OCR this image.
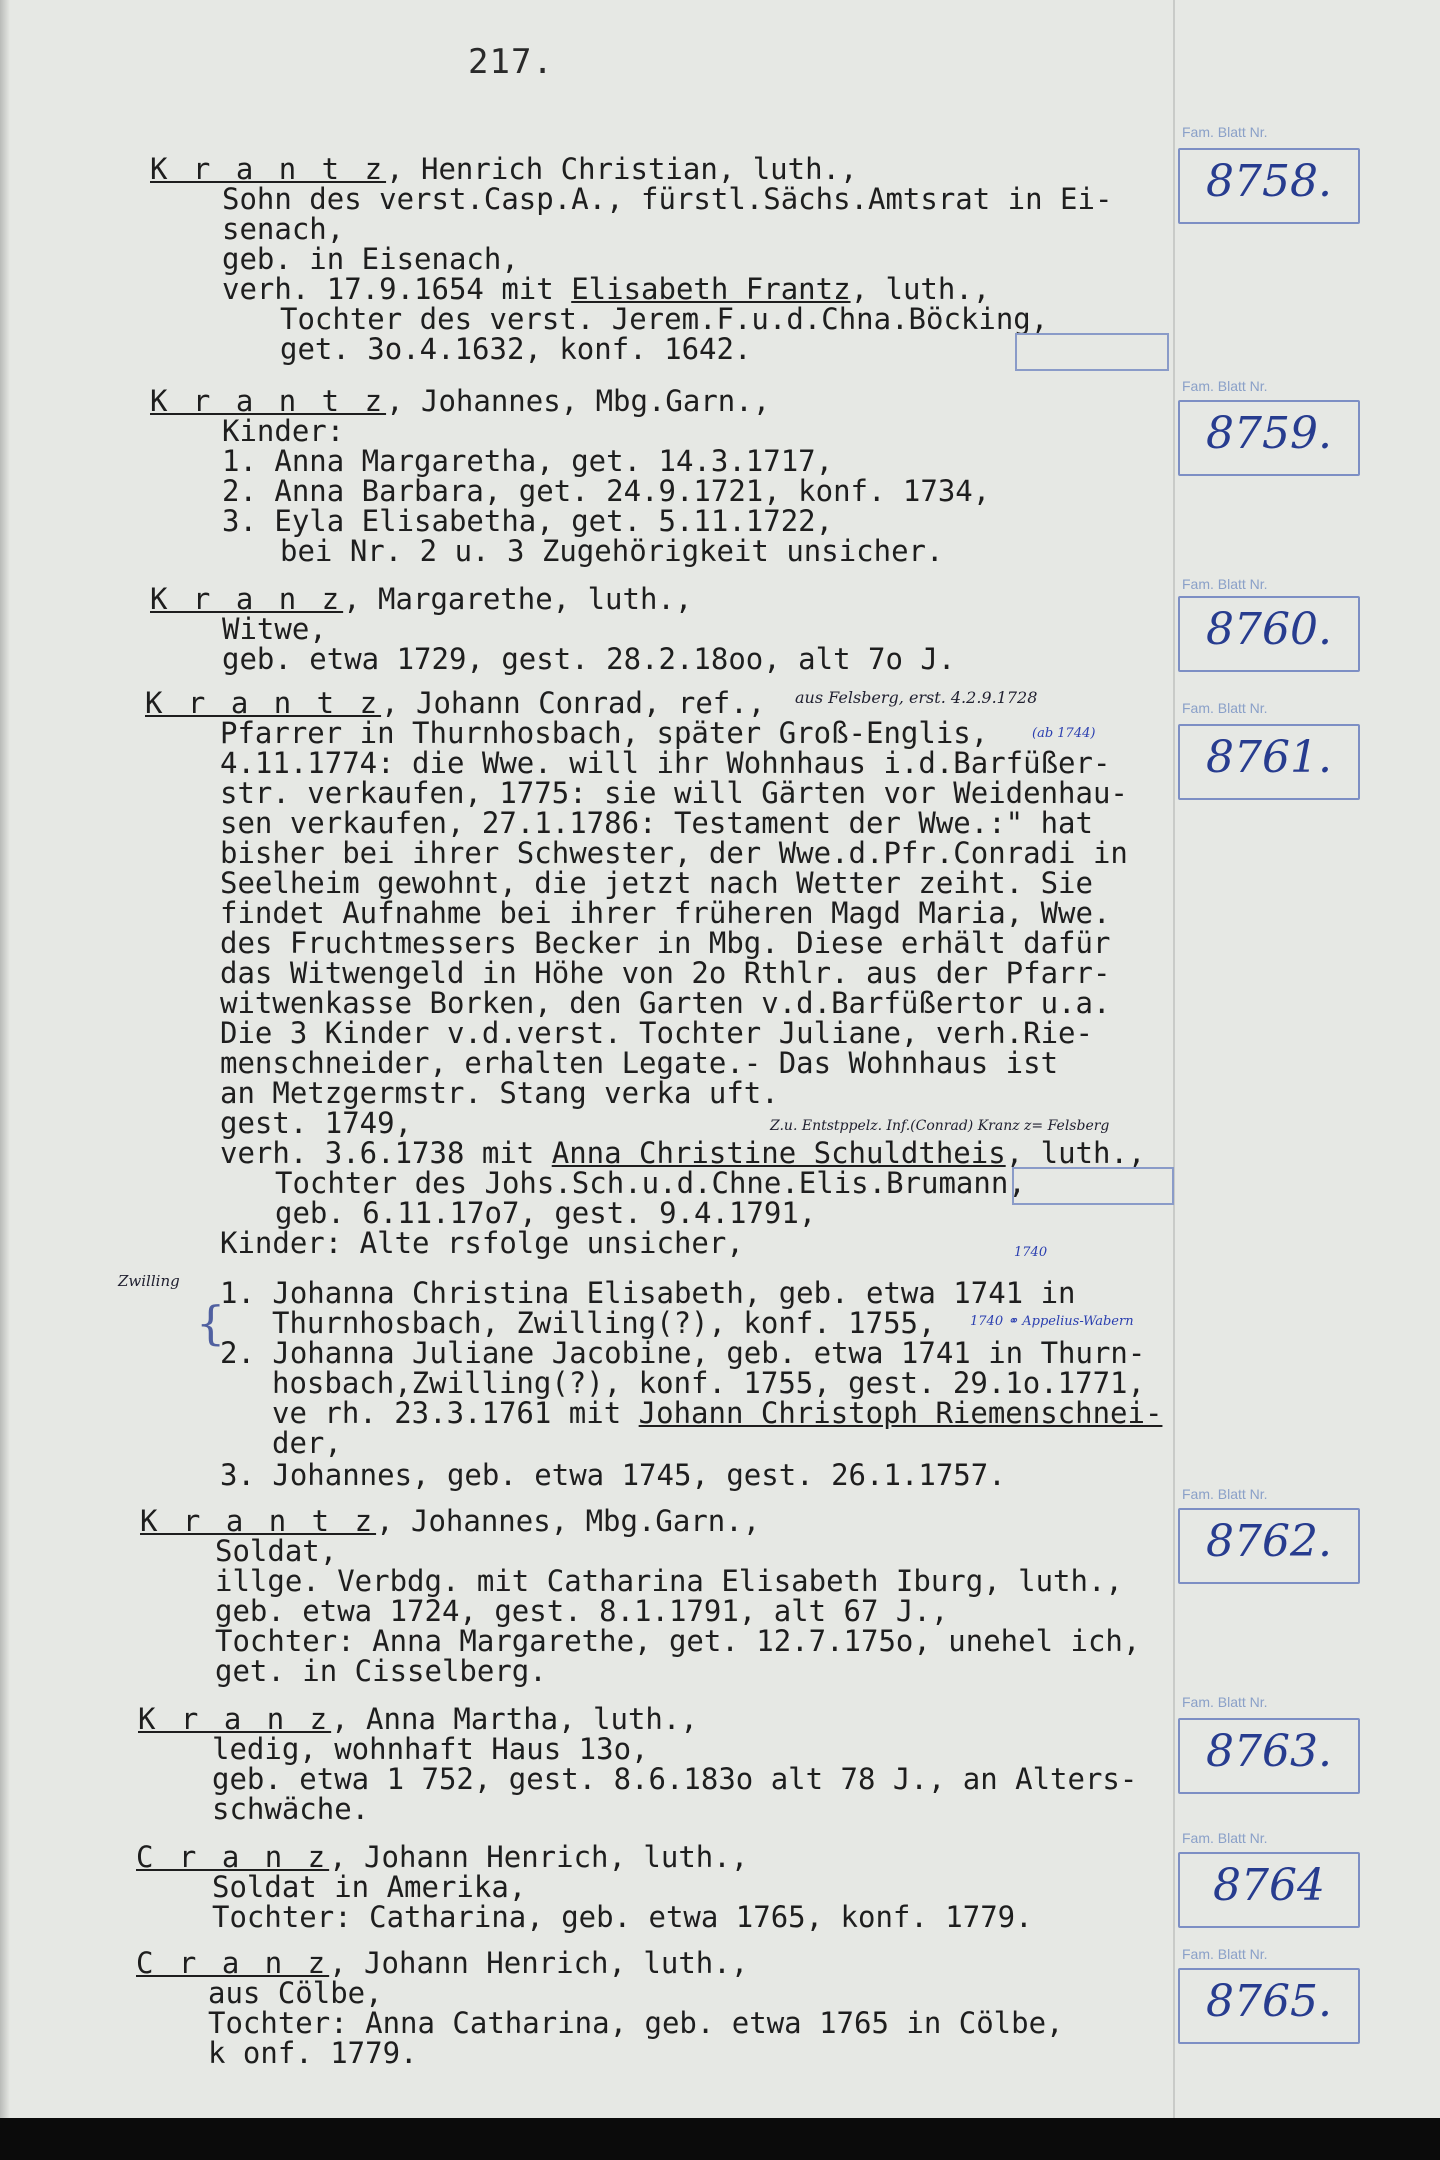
217.
K r a n t z, Henrich Christian, luth.,
Sohn des verst.Casp.A., fürstl.Sächs.Amtsrat in Ei-
senach,
geb. in Eisenach,
verh. 17.9.1654 mit Elisabeth Frantz, luth.,
Tochter des verst. Jerem.F.u.d.Chna.Böcking,
get. 3o.4.1632, konf. 1642.
Fam. Blatt Nr.
8758.
K r a n t z, Johannes, Mbg.Garn.,
Kinder:
1. Anna Margaretha, get. 14.3.1717,
2. Anna Barbara, get. 24.9.1721, konf. 1734,
3. Eyla Elisabetha, get. 5.11.1722,
bei Nr. 2 u. 3 Zugehörigkeit unsicher.
Fam. Blatt Nr.
8759.
K r a n z, Margarethe, luth.,
Witwe,
geb. etwa 1729, gest. 28.2.18oo, alt 7o J.
Fam. Blatt Nr.
8760.
K r a n t z, Johann Conrad, ref., aus Felsberg, erst. 4.2.9.1728
Pfarrer in Thurnhosbach, später Groß-Englis,	(ab 1744)
4.11.1774: die Wwe. will ihr Wohnhaus i.d.Barfüßer-
str. verkaufen, 1775: sie will Gärten vor Weidenhau-
sen verkaufen, 27.1.1786: Testament der Wwe.:" hat
bisher bei ihrer Schwester, der Wwe.d.Pfr.Conradi in
Seelheim gewohnt, die jetzt nach Wetter zeiht. Sie
findet Aufnahme bei ihrer früheren Magd Maria, Wwe.
des Fruchtmessers Becker in Mbg. Diese erhält dafür
das Witwengeld in Höhe von 2o Rthlr. aus der Pfarr-
witwenkasse Borken, den Garten v.d.Barfüßertor u.a.
Die 3 Kinder v.d.verst. Tochter Juliane, verh.Rie-
menschneider, erhalten Legate.- Das Wohnhaus ist
an Metzgermstr. Stang verka uft.
gest. 1749,	Z.u. Entstppelz. Inf.(Conrad) Kranz z= Felsberg
verh. 3.6.1738 mit Anna Christine Schuldtheis, luth.,
Tochter des Johs.Sch.u.d.Chne.Elis.Brumann,
geb. 6.11.17o7, gest. 9.4.1791,
Kinder: Alte rsfolge unsicher,	1740
Zwilling
{
1. Johanna Christina Elisabeth, geb. etwa 1741 in
Thurnhosbach, Zwilling(?), konf. 1755,	1740 ⚭ Appelius-Wabern
2. Johanna Juliane Jacobine, geb. etwa 1741 in Thurn-
hosbach,Zwilling(?), konf. 1755, gest. 29.1o.1771,
ve rh. 23.3.1761 mit Johann Christoph Riemenschnei-
der,
3. Johannes, geb. etwa 1745, gest. 26.1.1757.
Fam. Blatt Nr.
8761.
K r a n t z, Johannes, Mbg.Garn.,
Soldat,
illge. Verbdg. mit Catharina Elisabeth Iburg, luth.,
geb. etwa 1724, gest. 8.1.1791, alt 67 J.,
Tochter: Anna Margarethe, get. 12.7.175o, unehel ich,
get. in Cisselberg.
Fam. Blatt Nr.
8762.
K r a n z, Anna Martha, luth.,
ledig, wohnhaft Haus 13o,
geb. etwa 1 752, gest. 8.6.183o alt 78 J., an Alters-
schwäche.
Fam. Blatt Nr.
8763.
C r a n z, Johann Henrich, luth.,
Soldat in Amerika,
Tochter: Catharina, geb. etwa 1765, konf. 1779.
Fam. Blatt Nr.
8764
C r a n z, Johann Henrich, luth.,
aus Cölbe,
Tochter: Anna Catharina, geb. etwa 1765 in Cölbe,
k onf. 1779.
Fam. Blatt Nr.
8765.
